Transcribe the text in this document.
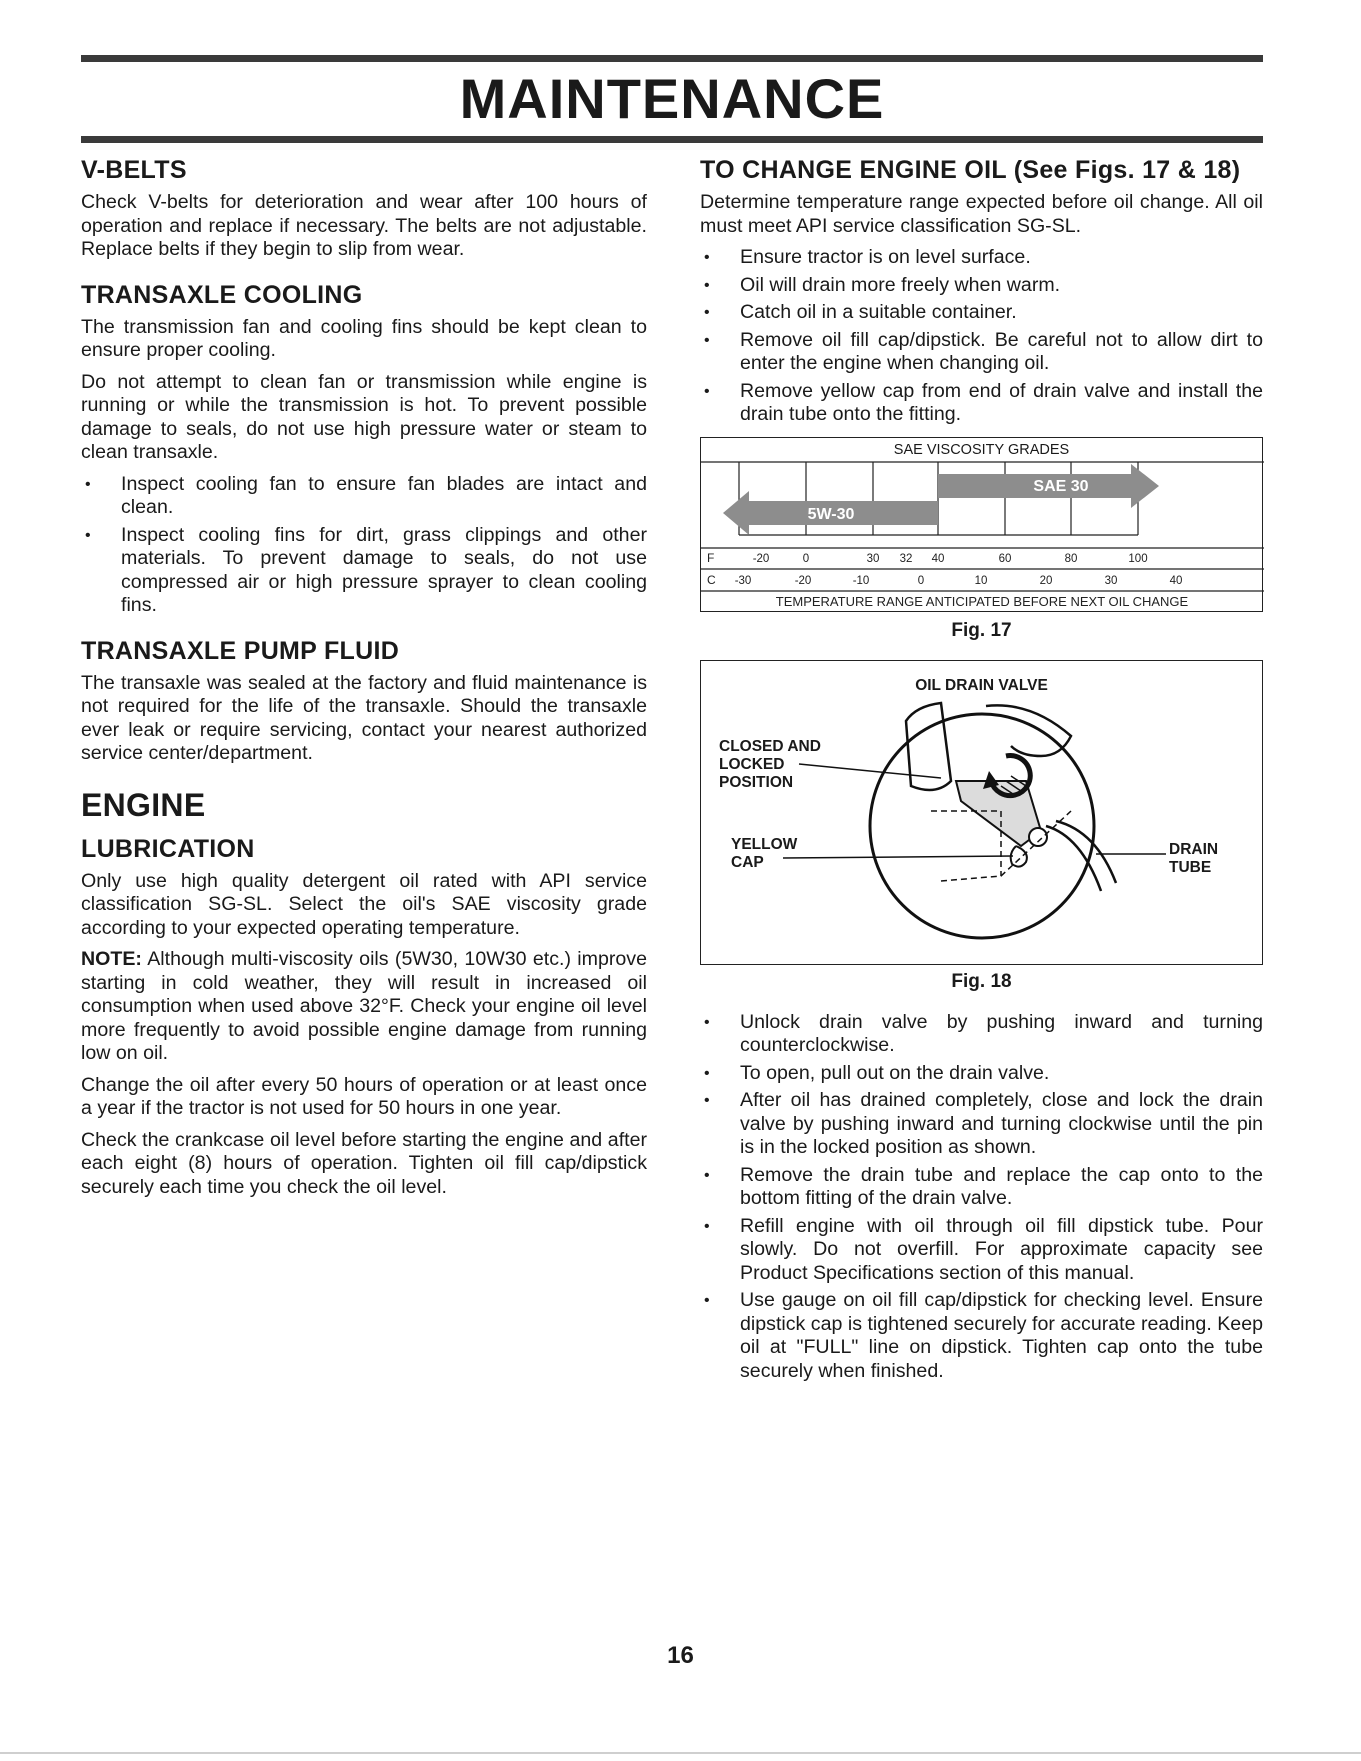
MAINTENANCE
V-BELTS

Check V-belts for deterioration and wear after 100 hours of operation and replace if necessary. The belts are not adjustable. Replace belts if they begin to slip from wear.

TRANSAXLE COOLING

The transmission fan and cooling fins should be kept clean to ensure proper cooling.

Do not attempt to clean fan or transmission while engine is running or while the transmission is hot. To prevent possible damage to seals, do not use high pressure water or steam to clean transaxle.

• Inspect cooling fan to ensure fan blades are intact and clean.
• Inspect cooling fins for dirt, grass clippings and other materials. To prevent damage to seals, do not use compressed air or high pressure sprayer to clean cooling fins.
TRANSAXLE PUMP FLUID

The transaxle was sealed at the factory and fluid maintenance is not required for the life of the transaxle. Should the transaxle ever leak or require servicing, contact your nearest authorized service center/department.

ENGINE
LUBRICATION

Only use high quality detergent oil rated with API service classification SG-SL. Select the oil's SAE viscosity grade according to your expected operating temperature.

NOTE: Although multi-viscosity oils (5W30, 10W30 etc.) improve starting in cold weather, they will result in increased oil consumption when used above 32°F. Check your engine oil level more frequently to avoid possible engine damage from running low on oil.

Change the oil after every 50 hours of operation or at least once a year if the tractor is not used for 50 hours in one year.

Check the crankcase oil level before starting the engine and after each eight (8) hours of operation. Tighten oil fill cap/dipstick securely each time you check the oil level.

TO CHANGE ENGINE OIL (See Figs. 17 & 18)

Determine temperature range expected before oil change. All oil must meet API service classification SG-SL.

• Ensure tractor is on level surface.
• Oil will drain more freely when warm.
• Catch oil in a suitable container.
• Remove oil fill cap/dipstick. Be careful not to allow dirt to enter the engine when changing oil.
• Remove yellow cap from end of drain valve and install the drain tube onto the fitting.
SAE VISCOSITY GRADES
SAE 30
5W-30
F
C
-20	0	30 32 40	60	80	100
-30	-20	-10	0	10	20	30	40
TEMPERATURE RANGE ANTICIPATED BEFORE NEXT OIL CHANGE
Fig. 17
OIL DRAIN VALVE
CLOSED AND
LOCKED
POSITION
YELLOW
CAP
DRAIN
TUBE
Fig. 18
• Unlock drain valve by pushing inward and turning counterclockwise.
• To open, pull out on the drain valve.
• After oil has drained completely, close and lock the drain valve by pushing inward and turning clockwise until the pin is in the locked position as shown.
• Remove the drain tube and replace the cap onto to the bottom fitting of the drain valve.
• Refill engine with oil through oil fill dipstick tube. Pour slowly. Do not overfill. For approximate capacity see Product Specifications section of this manual.
• Use gauge on oil fill cap/dipstick for checking level. Ensure dipstick cap is tightened securely for accurate reading. Keep oil at "FULL" line on dipstick. Tighten cap onto the tube securely when finished.
16
